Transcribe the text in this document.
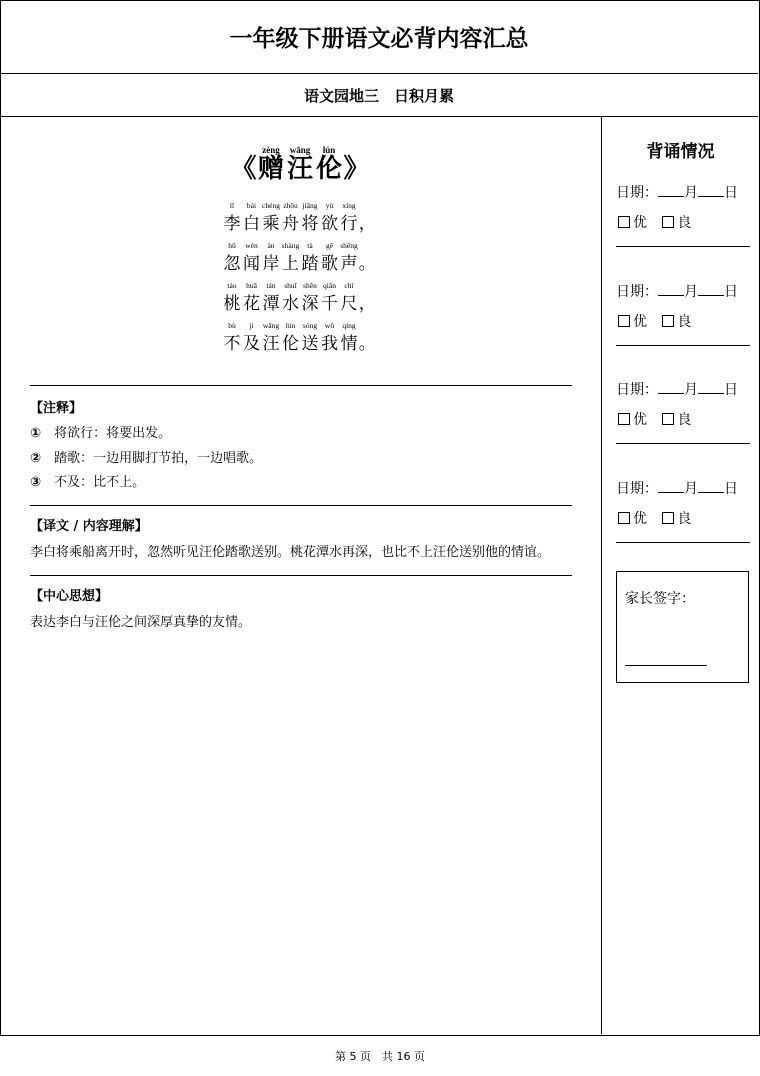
一年级下册语文必背内容汇总
语文园地三　日积月累
《
zèng
赠
wāng
汪
lún
伦 》
lǐ
李
bái
白
chéng
乘
zhōu
舟
jiāng
将
yù
欲
xíng
行 ，
hū
忽
wén
闻
àn
岸
shàng
上
tà
踏
gē
歌
shēng
声 。
táo
桃
huā
花
tán
潭
shuǐ
水
shēn
深
qiān
千
chǐ
尺 ，
bù
不
jí
及
wāng
汪
lún
伦
sòng
送
wǒ
我
qíng
情 。
【注释】
① 将欲行：将要出发。
② 踏歌：一边用脚打节拍，一边唱歌。
③ 不及：比不上。
【译文 / 内容理解】
李白将乘船离开时，忽然听见汪伦踏歌送别。桃花潭水再深，也比不上汪伦送别他的情谊。
【中心思想】
表达李白与汪伦之间深厚真挚的友情。
背诵情况
日期： 月 日
优 良
日期： 月 日
优 良
日期： 月 日
优 良
日期： 月 日
优 良
家长签字：
第 5 页　共 16 页
